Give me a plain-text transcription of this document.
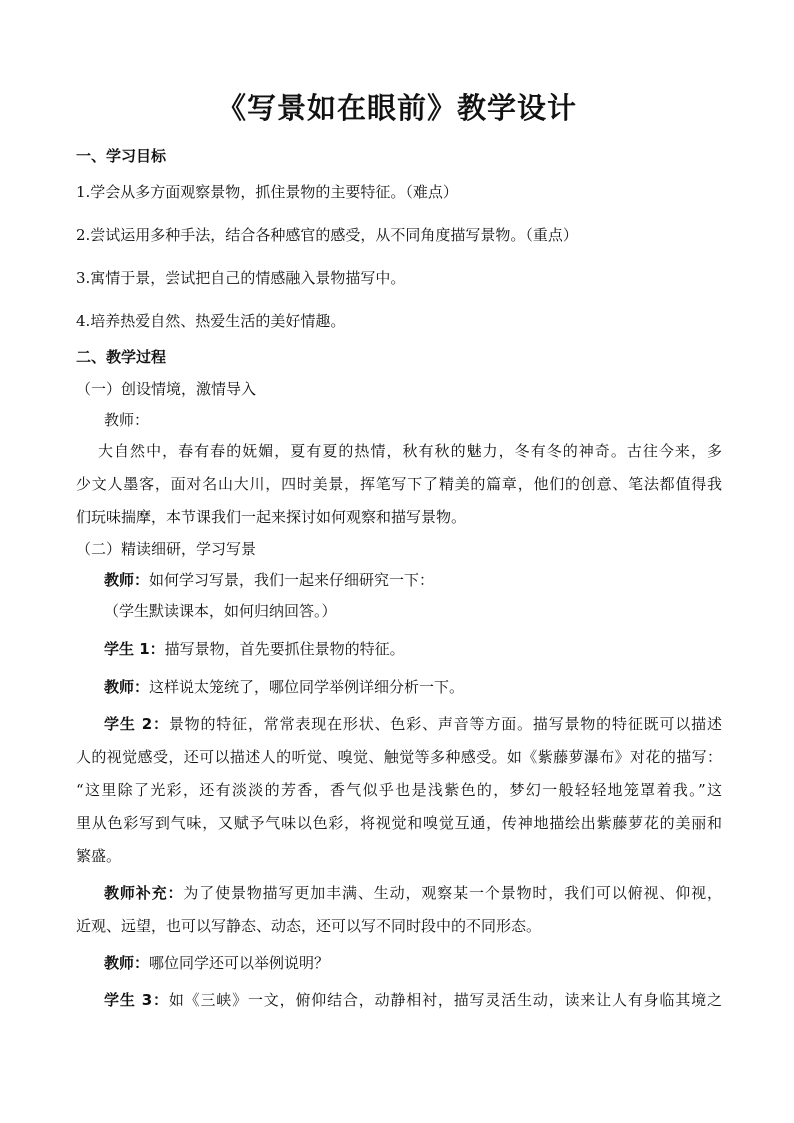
《写景如在眼前》教学设计
一、学习目标
1.学会从多方面观察景物，抓住景物的主要特征。（难点）
2.尝试运用多种手法，结合各种感官的感受，从不同角度描写景物。（重点）
3.寓情于景，尝试把自己的情感融入景物描写中。
4.培养热爱自然、热爱生活的美好情趣。
二、教学过程
（一）创设情境，激情导入
教师：
大自然中，春有春的妩媚，夏有夏的热情，秋有秋的魅力，冬有冬的神奇。古往今来，多
少文人墨客，面对名山大川，四时美景，挥笔写下了精美的篇章，他们的创意、笔法都值得我
们玩味揣摩，本节课我们一起来探讨如何观察和描写景物。
（二）精读细研，学习写景
教师：如何学习写景，我们一起来仔细研究一下：
（学生默读课本，如何归纳回答。）
学生 1：描写景物，首先要抓住景物的特征。
教师：这样说太笼统了，哪位同学举例详细分析一下。
学生 2：景物的特征，常常表现在形状、色彩、声音等方面。描写景物的特征既可以描述
人的视觉感受，还可以描述人的听觉、嗅觉、触觉等多种感受。如《紫藤萝瀑布》对花的描写：
“这里除了光彩，还有淡淡的芳香，香气似乎也是浅紫色的，梦幻一般轻轻地笼罩着我。”这
里从色彩写到气味，又赋予气味以色彩，将视觉和嗅觉互通，传神地描绘出紫藤萝花的美丽和
繁盛。
教师补充：为了使景物描写更加丰满、生动，观察某一个景物时，我们可以俯视、仰视，
近观、远望，也可以写静态、动态，还可以写不同时段中的不同形态。
教师：哪位同学还可以举例说明？
学生 3：如《三峡》一文，俯仰结合，动静相衬，描写灵活生动，读来让人有身临其境之
